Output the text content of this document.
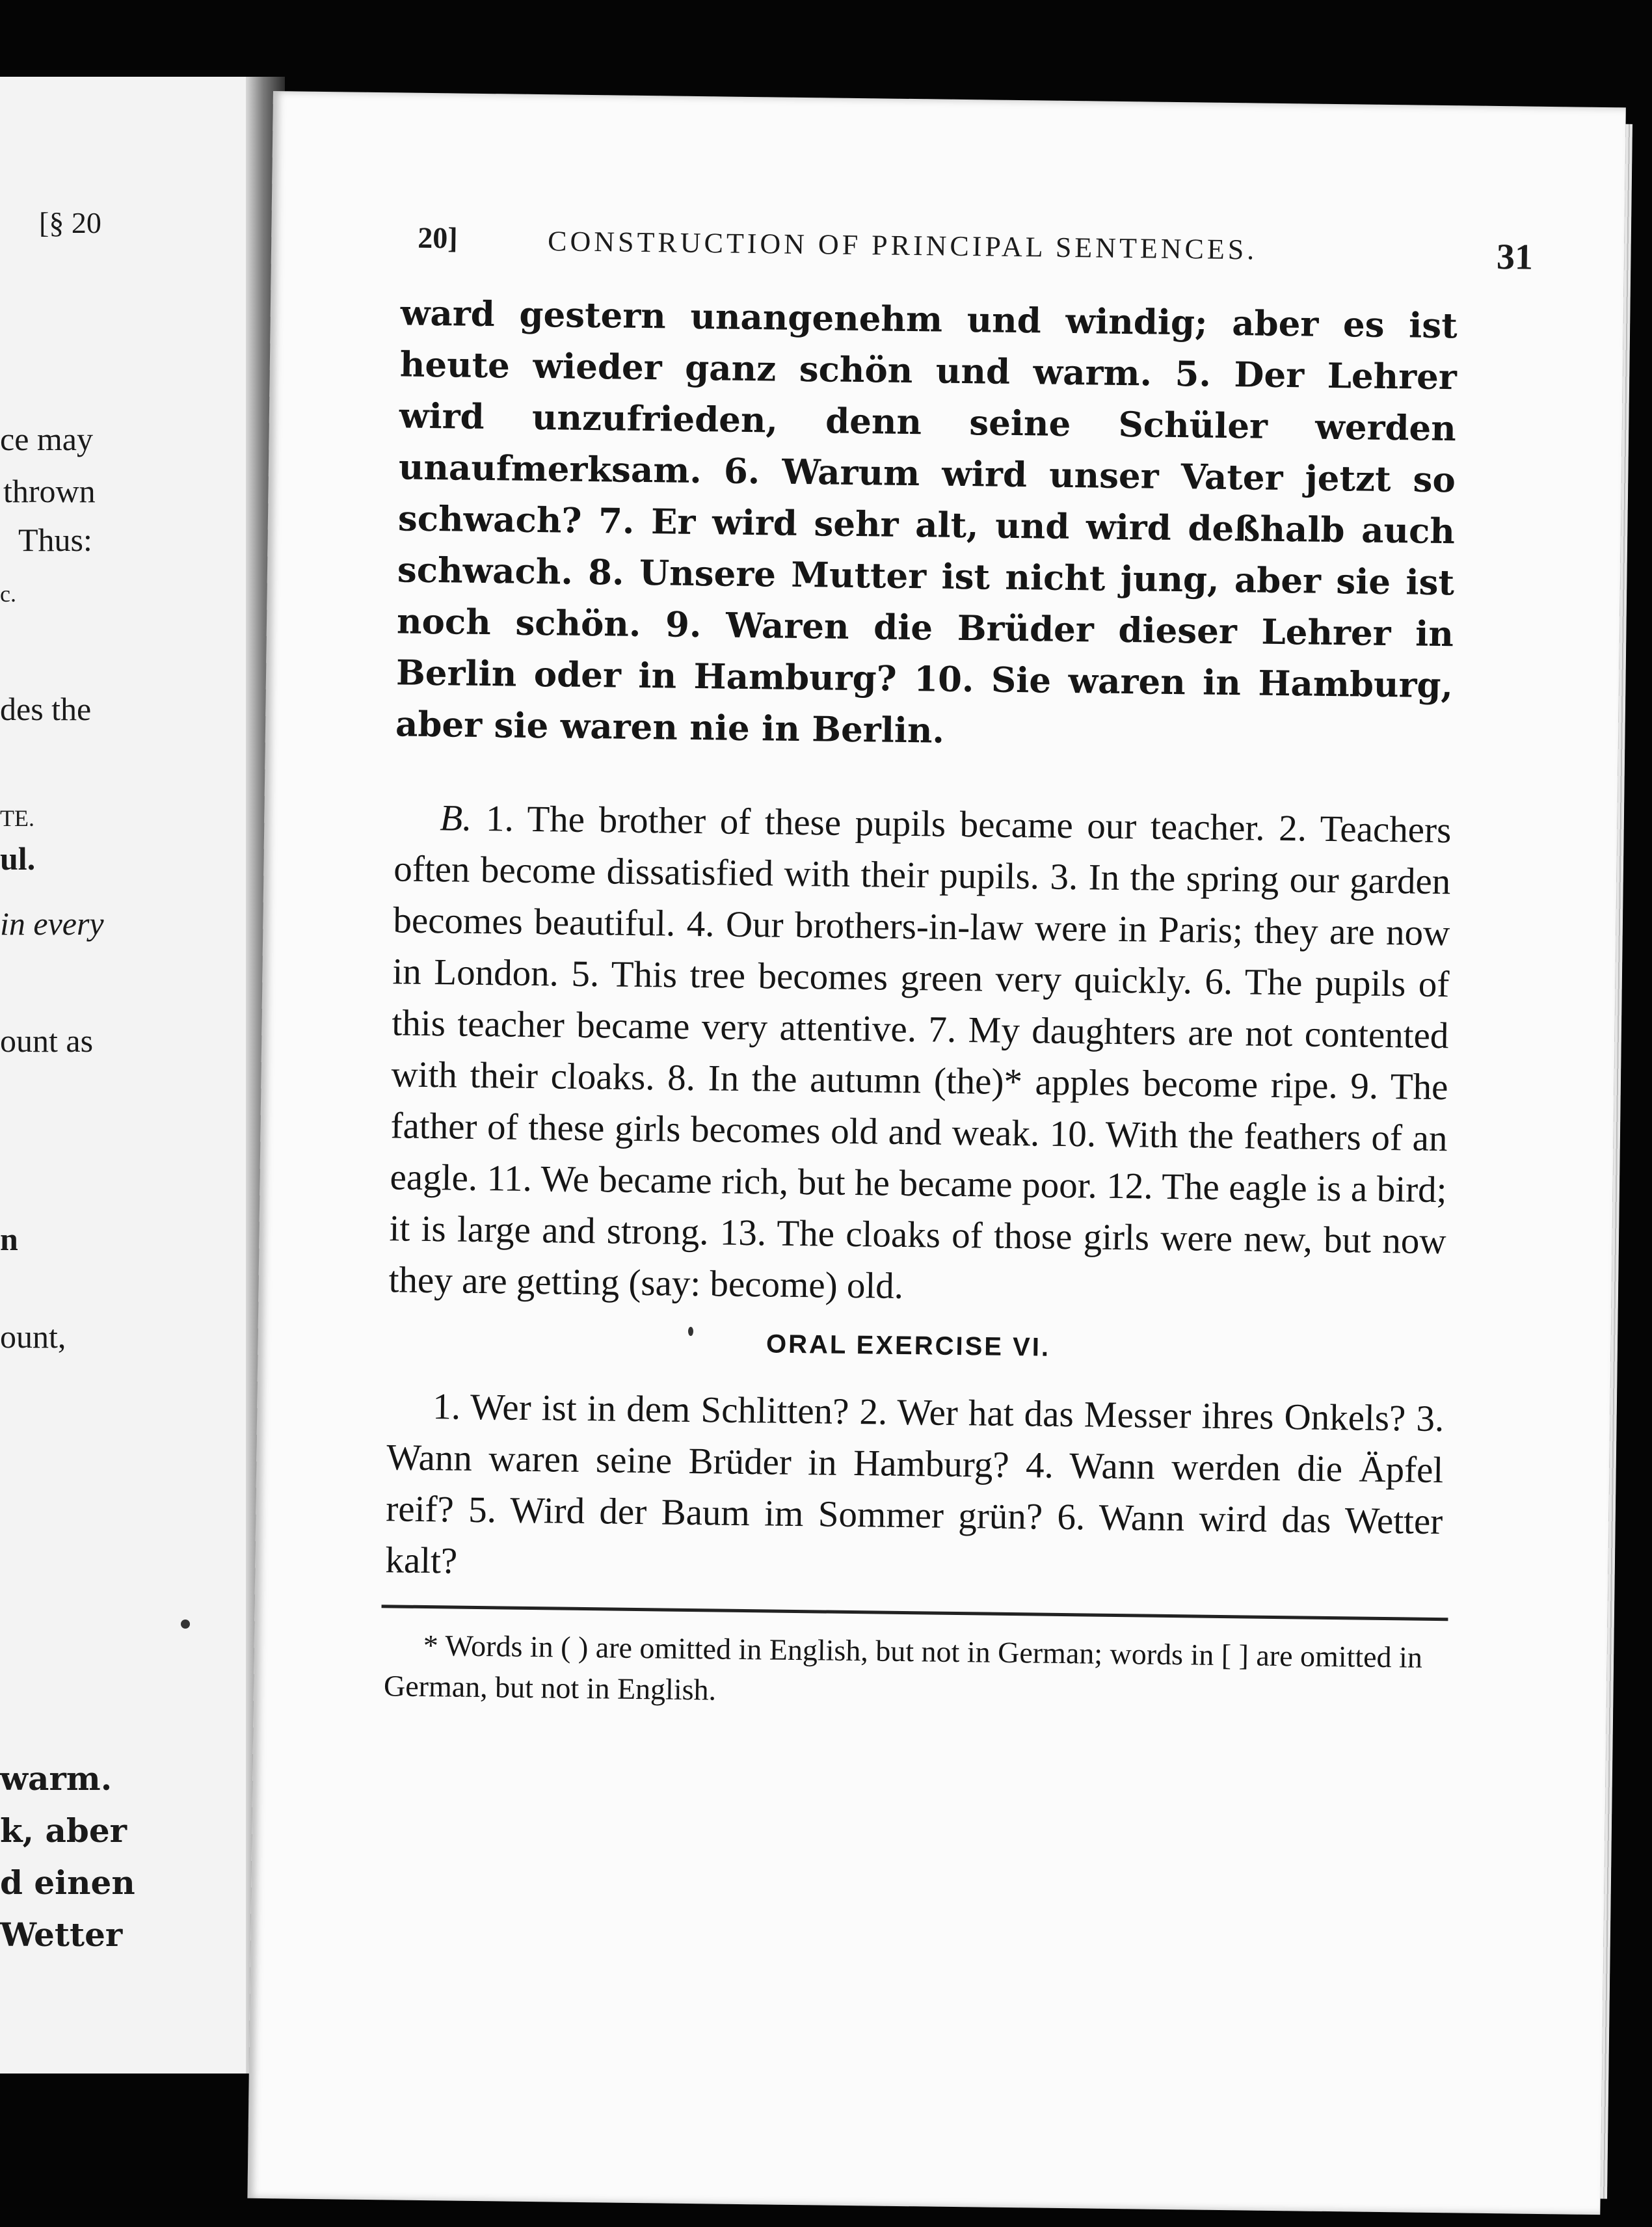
[§ 20

ce may

thrown

Thus:

c.

des the

TE.

ul.

in every

ount as

n

ount,

warm.

k, aber

d einen

Wetter

20]	CONSTRUCTION OF PRINCIPAL SENTENCES.	31

ward gestern unangenehm und windig; aber es ist heute wieder ganz schön und warm. 5. Der Lehrer wird unzufrieden, denn seine Schüler werden unaufmerksam. 6. Warum wird unser Vater jetzt so schwach? 7. Er wird sehr alt, und wird deßhalb auch schwach. 8. Unsere Mutter ist nicht jung, aber sie ist noch schön. 9. Waren die Brüder dieser Lehrer in Berlin oder in Hamburg? 10. Sie waren in Hamburg, aber sie waren nie in Berlin.

B. 1. The brother of these pupils became our teacher. 2. Teachers often become dissatisfied with their pupils. 3. In the spring our garden becomes beautiful. 4. Our brothers-in-law were in Paris; they are now in London. 5. This tree becomes green very quickly. 6. The pupils of this teacher became very attentive. 7. My daughters are not contented with their cloaks. 8. In the autumn (the)* apples become ripe. 9. The father of these girls becomes old and weak. 10. With the feathers of an eagle. 11. We became rich, but he became poor. 12. The eagle is a bird; it is large and strong. 13. The cloaks of those girls were new, but now they are getting (say: become) old.

ORAL EXERCISE VI.

1. Wer ist in dem Schlitten? 2. Wer hat das Messer ihres Onkels? 3. Wann waren seine Brüder in Hamburg? 4. Wann werden die Äpfel reif? 5. Wird der Baum im Sommer grün? 6. Wann wird das Wetter kalt?

* Words in ( ) are omitted in English, but not in German; words in [ ] are omitted in German, but not in English.
